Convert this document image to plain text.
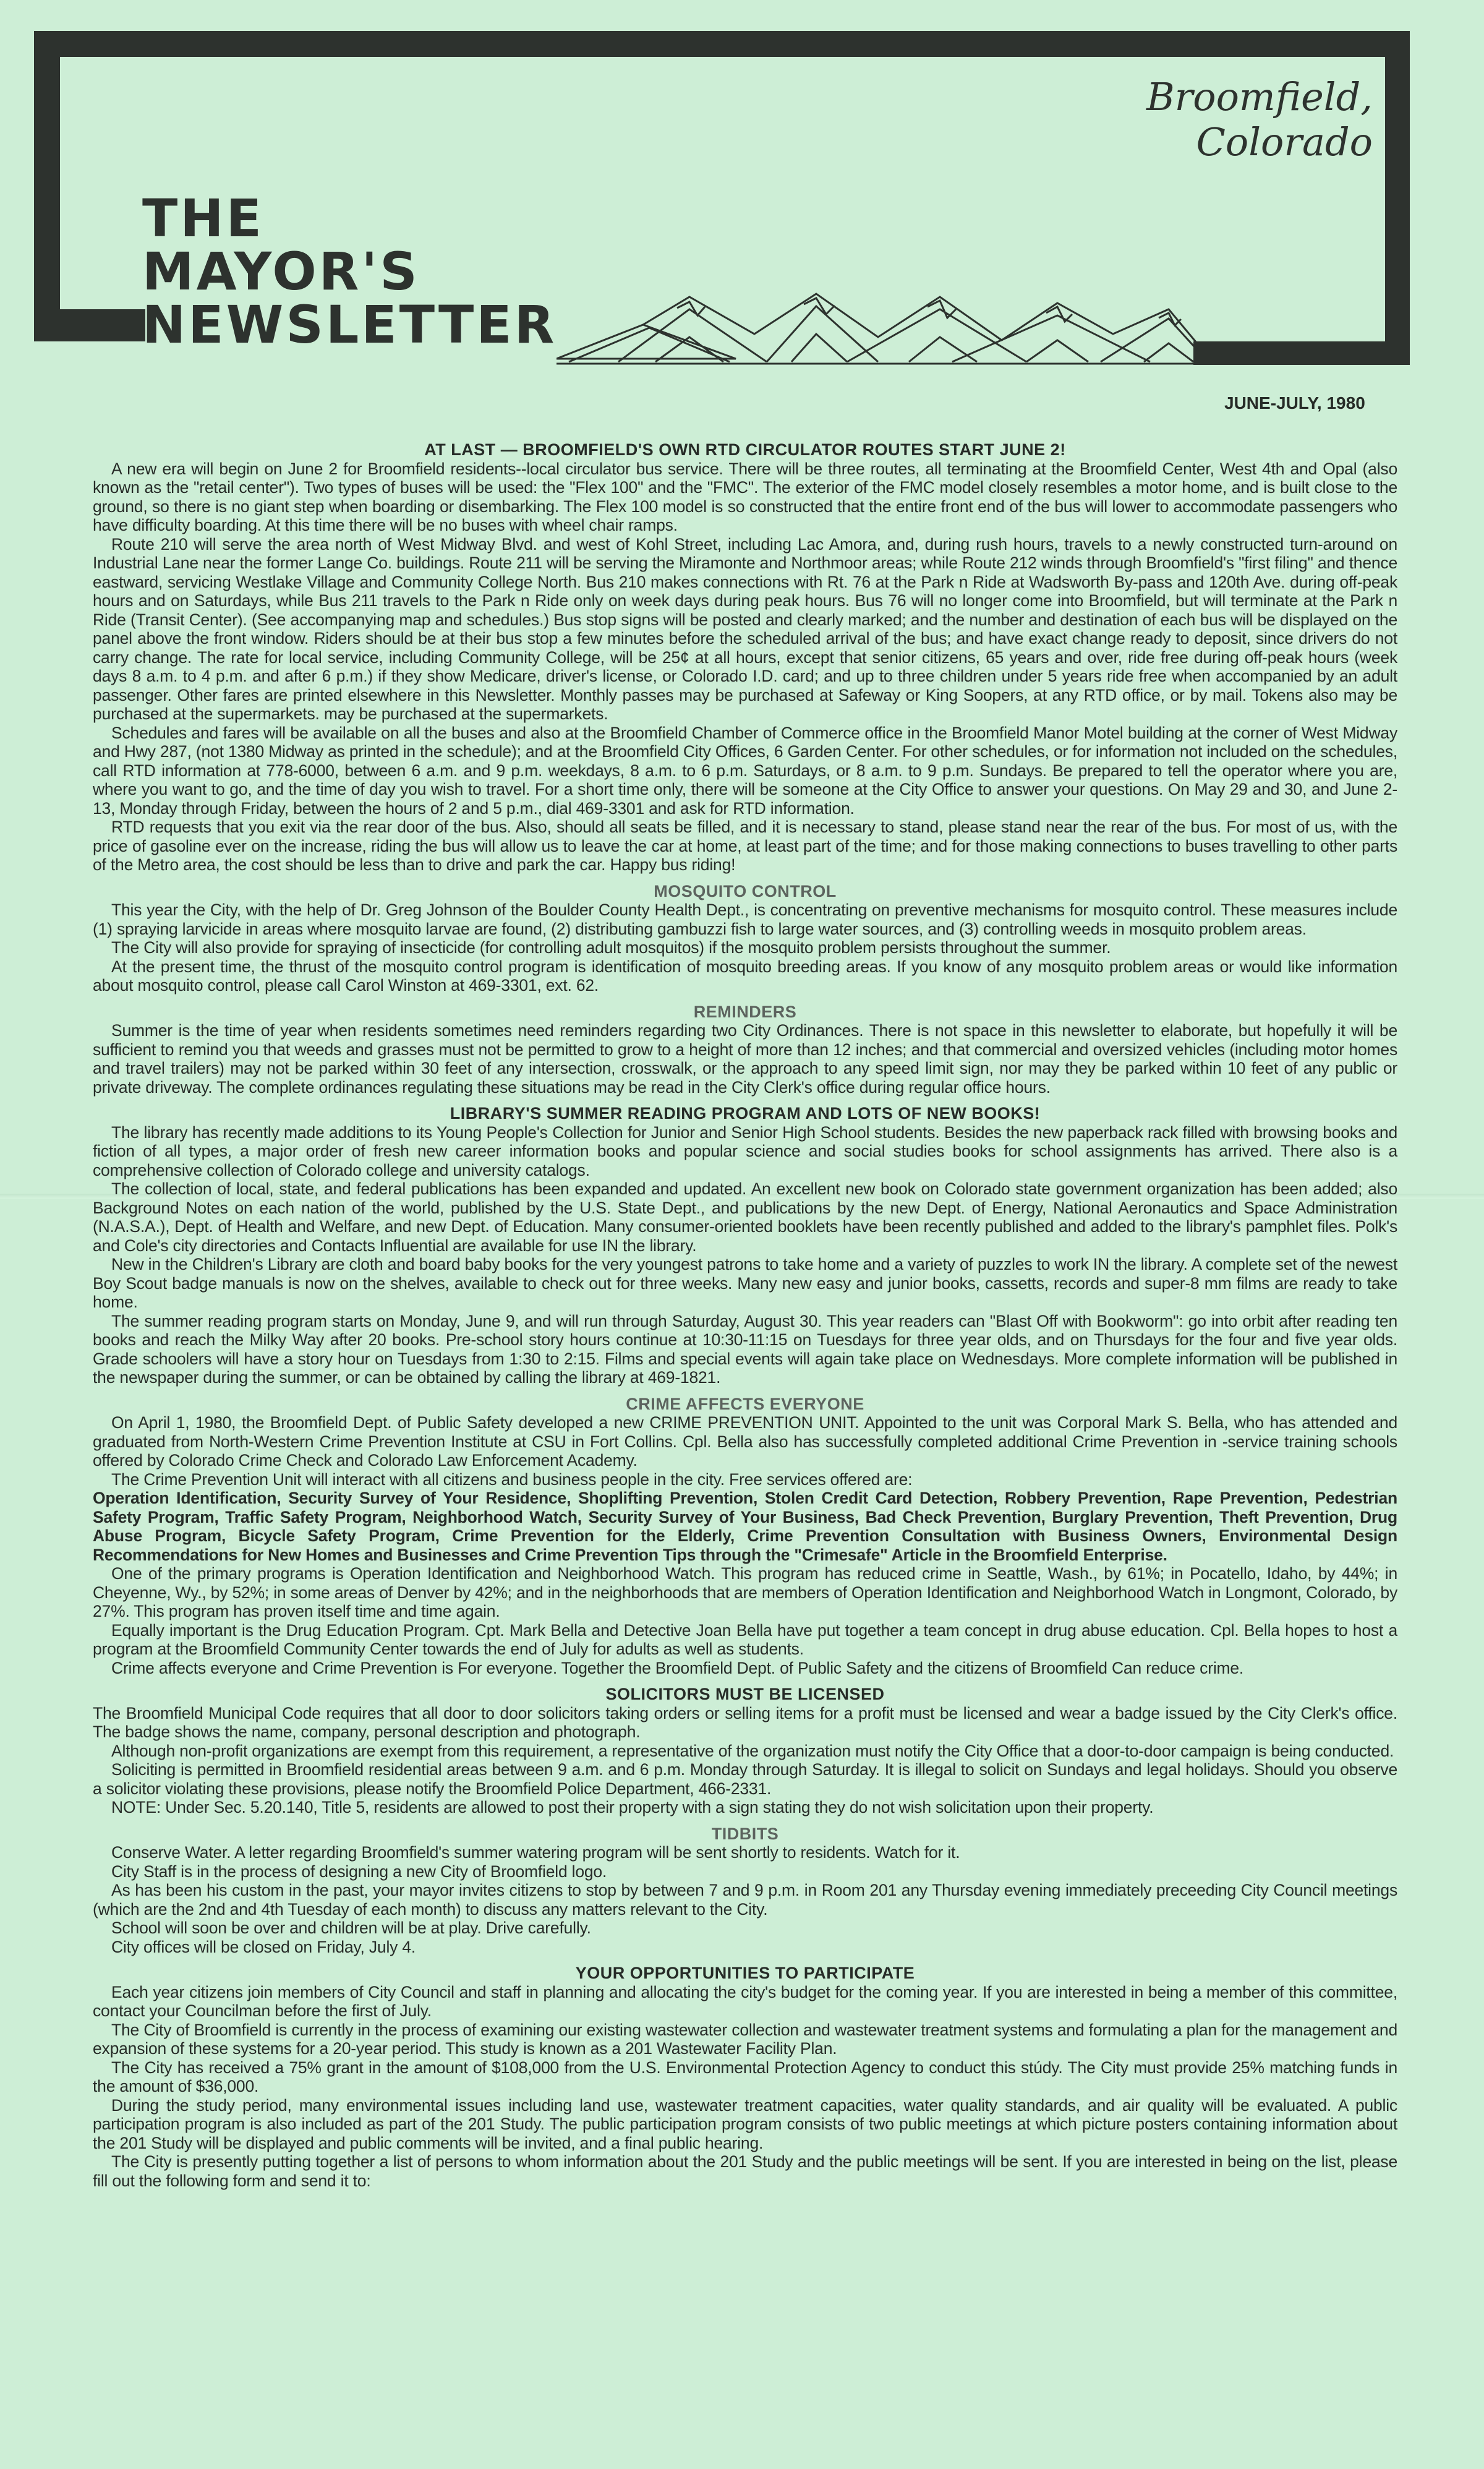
Broomfield, Colorado
THE
MAYOR'S
NEWSLETTER
JUNE-JULY, 1980
AT LAST — BROOMFIELD'S OWN RTD CIRCULATOR ROUTES START JUNE 2!

A new era will begin on June 2 for Broomfield residents--local circulator bus service. There will be three routes, all terminating at the Broomfield Center, West 4th and Opal (also known as the "retail center"). Two types of buses will be used: the "Flex 100" and the "FMC". The exterior of the FMC model closely resembles a motor home, and is built close to the ground, so there is no giant step when boarding or disembarking. The Flex 100 model is so constructed that the entire front end of the bus will lower to accommodate passengers who have difficulty boarding. At this time there will be no buses with wheel chair ramps.

Route 210 will serve the area north of West Midway Blvd. and west of Kohl Street, including Lac Amora, and, during rush hours, travels to a newly constructed turn-around on Industrial Lane near the former Lange Co. buildings. Route 211 will be serving the Miramonte and Northmoor areas; while Route 212 winds through Broomfield's "first filing" and thence eastward, servicing Westlake Village and Community College North. Bus 210 makes connections with Rt. 76 at the Park n Ride at Wadsworth By-pass and 120th Ave. during off-peak hours and on Saturdays, while Bus 211 travels to the Park n Ride only on week days during peak hours. Bus 76 will no longer come into Broomfield, but will terminate at the Park n Ride (Transit Center). (See accompanying map and schedules.) Bus stop signs will be posted and clearly marked; and the number and destination of each bus will be displayed on the panel above the front window. Riders should be at their bus stop a few minutes before the scheduled arrival of the bus; and have exact change ready to deposit, since drivers do not carry change. The rate for local service, including Community College, will be 25¢ at all hours, except that senior citizens, 65 years and over, ride free during off-peak hours (week days 8 a.m. to 4 p.m. and after 6 p.m.) if they show Medicare, driver's license, or Colorado I.D. card; and up to three children under 5 years ride free when accompanied by an adult passenger. Other fares are printed elsewhere in this Newsletter. Monthly passes may be purchased at Safeway or King Soopers, at any RTD office, or by mail. Tokens also may be purchased at the supermarkets. may be purchased at the supermarkets.

Schedules and fares will be available on all the buses and also at the Broomfield Chamber of Commerce office in the Broomfield Manor Motel building at the corner of West Midway and Hwy 287, (not 1380 Midway as printed in the schedule); and at the Broomfield City Offices, 6 Garden Center. For other schedules, or for information not included on the schedules, call RTD information at 778-6000, between 6 a.m. and 9 p.m. weekdays, 8 a.m. to 6 p.m. Saturdays, or 8 a.m. to 9 p.m. Sundays. Be prepared to tell the operator where you are, where you want to go, and the time of day you wish to travel. For a short time only, there will be someone at the City Office to answer your questions. On May 29 and 30, and June 2-13, Monday through Friday, between the hours of 2 and 5 p.m., dial 469-3301 and ask for RTD information.

RTD requests that you exit via the rear door of the bus. Also, should all seats be filled, and it is necessary to stand, please stand near the rear of the bus. For most of us, with the price of gasoline ever on the increase, riding the bus will allow us to leave the car at home, at least part of the time; and for those making connections to buses travelling to other parts of the Metro area, the cost should be less than to drive and park the car. Happy bus riding!

MOSQUITO CONTROL

This year the City, with the help of Dr. Greg Johnson of the Boulder County Health Dept., is concentrating on preventive mechanisms for mosquito control. These measures include (1) spraying larvicide in areas where mosquito larvae are found, (2) distributing gambuzzi fish to large water sources, and (3) controlling weeds in mosquito problem areas.

The City will also provide for spraying of insecticide (for controlling adult mosquitos) if the mosquito problem persists throughout the summer.

At the present time, the thrust of the mosquito control program is identification of mosquito breeding areas. If you know of any mosquito problem areas or would like information about mosquito control, please call Carol Winston at 469-3301, ext. 62.

REMINDERS

Summer is the time of year when residents sometimes need reminders regarding two City Ordinances. There is not space in this newsletter to elaborate, but hopefully it will be sufficient to remind you that weeds and grasses must not be permitted to grow to a height of more than 12 inches; and that commercial and oversized vehicles (including motor homes and travel trailers) may not be parked within 30 feet of any intersection, crosswalk, or the approach to any speed limit sign, nor may they be parked within 10 feet of any public or private driveway. The complete ordinances regulating these situations may be read in the City Clerk's office during regular office hours.

LIBRARY'S SUMMER READING PROGRAM AND LOTS OF NEW BOOKS!

The library has recently made additions to its Young People's Collection for Junior and Senior High School students. Besides the new paperback rack filled with browsing books and fiction of all types, a major order of fresh new career information books and popular science and social studies books for school assignments has arrived. There also is a comprehensive collection of Colorado college and university catalogs.

The collection of local, state, and federal publications has been expanded and updated. An excellent new book on Colorado state government organization has been added; also Background Notes on each nation of the world, published by the U.S. State Dept., and publications by the new Dept. of Energy, National Aeronautics and Space Administration (N.A.S.A.), Dept. of Health and Welfare, and new Dept. of Education. Many consumer-oriented booklets have been recently published and added to the library's pamphlet files. Polk's and Cole's city directories and Contacts Influential are available for use IN the library.

New in the Children's Library are cloth and board baby books for the very youngest patrons to take home and a variety of puzzles to work IN the library. A complete set of the newest Boy Scout badge manuals is now on the shelves, available to check out for three weeks. Many new easy and junior books, cassetts, records and super-8 mm films are ready to take home.

The summer reading program starts on Monday, June 9, and will run through Saturday, August 30. This year readers can "Blast Off with Bookworm": go into orbit after reading ten books and reach the Milky Way after 20 books. Pre-school story hours continue at 10:30-11:15 on Tuesdays for three year olds, and on Thursdays for the four and five year olds. Grade schoolers will have a story hour on Tuesdays from 1:30 to 2:15. Films and special events will again take place on Wednesdays. More complete information will be published in the newspaper during the summer, or can be obtained by calling the library at 469-1821.

CRIME AFFECTS EVERYONE

On April 1, 1980, the Broomfield Dept. of Public Safety developed a new CRIME PREVENTION UNIT. Appointed to the unit was Corporal Mark S. Bella, who has attended and graduated from North-Western Crime Prevention Institute at CSU in Fort Collins. Cpl. Bella also has successfully completed additional Crime Prevention in -service training schools offered by Colorado Crime Check and Colorado Law Enforcement Academy.

The Crime Prevention Unit will interact with all citizens and business people in the city. Free services offered are:

Operation Identification, Security Survey of Your Residence, Shoplifting Prevention, Stolen Credit Card Detection, Robbery Prevention, Rape Prevention, Pedestrian Safety Program, Traffic Safety Program, Neighborhood Watch, Security Survey of Your Business, Bad Check Prevention, Burglary Prevention, Theft Prevention, Drug Abuse Program, Bicycle Safety Program, Crime Prevention for the Elderly, Crime Prevention Consultation with Business Owners, Environmental Design Recommendations for New Homes and Businesses and Crime Prevention Tips through the "Crimesafe" Article in the Broomfield Enterprise.

One of the primary programs is Operation Identification and Neighborhood Watch. This program has reduced crime in Seattle, Wash., by 61%; in Pocatello, Idaho, by 44%; in Cheyenne, Wy., by 52%; in some areas of Denver by 42%; and in the neighborhoods that are members of Operation Identification and Neighborhood Watch in Longmont, Colorado, by 27%. This program has proven itself time and time again.

Equally important is the Drug Education Program. Cpt. Mark Bella and Detective Joan Bella have put together a team concept in drug abuse education. Cpl. Bella hopes to host a program at the Broomfield Community Center towards the end of July for adults as well as students.

Crime affects everyone and Crime Prevention is For everyone. Together the Broomfield Dept. of Public Safety and the citizens of Broomfield Can reduce crime.

SOLICITORS MUST BE LICENSED

The Broomfield Municipal Code requires that all door to door solicitors taking orders or selling items for a profit must be licensed and wear a badge issued by the City Clerk's office. The badge shows the name, company, personal description and photograph.

Although non-profit organizations are exempt from this requirement, a representative of the organization must notify the City Office that a door-to-door campaign is being conducted.

Soliciting is permitted in Broomfield residential areas between 9 a.m. and 6 p.m. Monday through Saturday. It is illegal to solicit on Sundays and legal holidays. Should you observe a solicitor violating these provisions, please notify the Broomfield Police Department, 466-2331.

NOTE: Under Sec. 5.20.140, Title 5, residents are allowed to post their property with a sign stating they do not wish solicitation upon their property.

TIDBITS

Conserve Water. A letter regarding Broomfield's summer watering program will be sent shortly to residents. Watch for it.

City Staff is in the process of designing a new City of Broomfield logo.

As has been his custom in the past, your mayor invites citizens to stop by between 7 and 9 p.m. in Room 201 any Thursday evening immediately preceeding City Council meetings (which are the 2nd and 4th Tuesday of each month) to discuss any matters relevant to the City.

School will soon be over and children will be at play. Drive carefully.

City offices will be closed on Friday, July 4.

YOUR OPPORTUNITIES TO PARTICIPATE

Each year citizens join members of City Council and staff in planning and allocating the city's budget for the coming year. If you are interested in being a member of this committee, contact your Councilman before the first of July.

The City of Broomfield is currently in the process of examining our existing wastewater collection and wastewater treatment systems and formulating a plan for the management and expansion of these systems for a 20-year period. This study is known as a 201 Wastewater Facility Plan.

The City has received a 75% grant in the amount of $108,000 from the U.S. Environmental Protection Agency to conduct this stúdy. The City must provide 25% matching funds in the amount of $36,000.

During the study period, many environmental issues including land use, wastewater treatment capacities, water quality standards, and air quality will be evaluated. A public participation program is also included as part of the 201 Study. The public participation program consists of two public meetings at which picture posters containing information about the 201 Study will be displayed and public comments will be invited, and a final public hearing.

The City is presently putting together a list of persons to whom information about the 201 Study and the public meetings will be sent. If you are interested in being on the list, please fill out the following form and send it to:
